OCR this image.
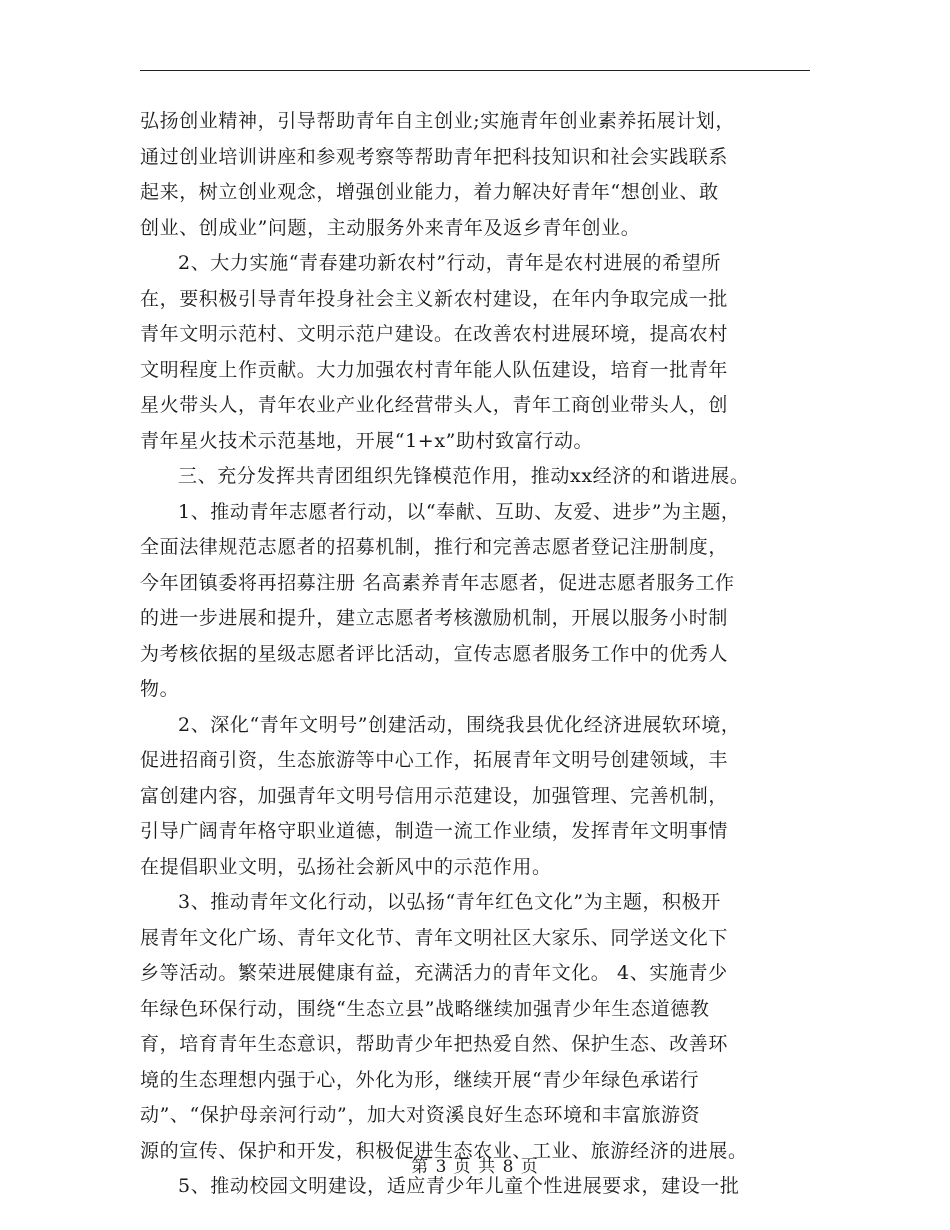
弘扬创业精神，引导帮助青年自主创业;实施青年创业素养拓展计划，
通过创业培训讲座和参观考察等帮助青年把科技知识和社会实践联系
起来，树立创业观念，增强创业能力，着力解决好青年“想创业、敢
创业、创成业”问题，主动服务外来青年及返乡青年创业。
2、大力实施“青春建功新农村”行动，青年是农村进展的希望所
在，要积极引导青年投身社会主义新农村建设，在年内争取完成一批
青年文明示范村、文明示范户建设。在改善农村进展环境，提高农村
文明程度上作贡献。大力加强农村青年能人队伍建设，培育一批青年
星火带头人，青年农业产业化经营带头人，青年工商创业带头人，创
青年星火技术示范基地，开展“1+x”助村致富行动。
三、充分发挥共青团组织先锋模范作用，推动xx经济的和谐进展。
1、推动青年志愿者行动，以“奉献、互助、友爱、进步”为主题，
全面法律规范志愿者的招募机制，推行和完善志愿者登记注册制度，
今年团镇委将再招募注册 名高素养青年志愿者，促进志愿者服务工作
的进一步进展和提升，建立志愿者考核激励机制，开展以服务小时制
为考核依据的星级志愿者评比活动，宣传志愿者服务工作中的优秀人
物。
2、深化“青年文明号”创建活动，围绕我县优化经济进展软环境，
促进招商引资，生态旅游等中心工作，拓展青年文明号创建领域，丰
富创建内容，加强青年文明号信用示范建设，加强管理、完善机制，
引导广阔青年格守职业道德，制造一流工作业绩，发挥青年文明事情
在提倡职业文明，弘扬社会新风中的示范作用。
3、推动青年文化行动，以弘扬“青年红色文化”为主题，积极开
展青年文化广场、青年文化节、青年文明社区大家乐、同学送文化下
乡等活动。繁荣进展健康有益，充满活力的青年文化。 4、实施青少
年绿色环保行动，围绕“生态立县”战略继续加强青少年生态道德教
育，培育青年生态意识，帮助青少年把热爱自然、保护生态、改善环
境的生态理想内强于心，外化为形，继续开展“青少年绿色承诺行
动”、“保护母亲河行动”，加大对资溪良好生态环境和丰富旅游资
源的宣传、保护和开发，积极促进生态农业、工业、旅游经济的进展。
5、推动校园文明建设，适应青少年儿童个性进展要求，建设一批
第 3 页 共 8 页
